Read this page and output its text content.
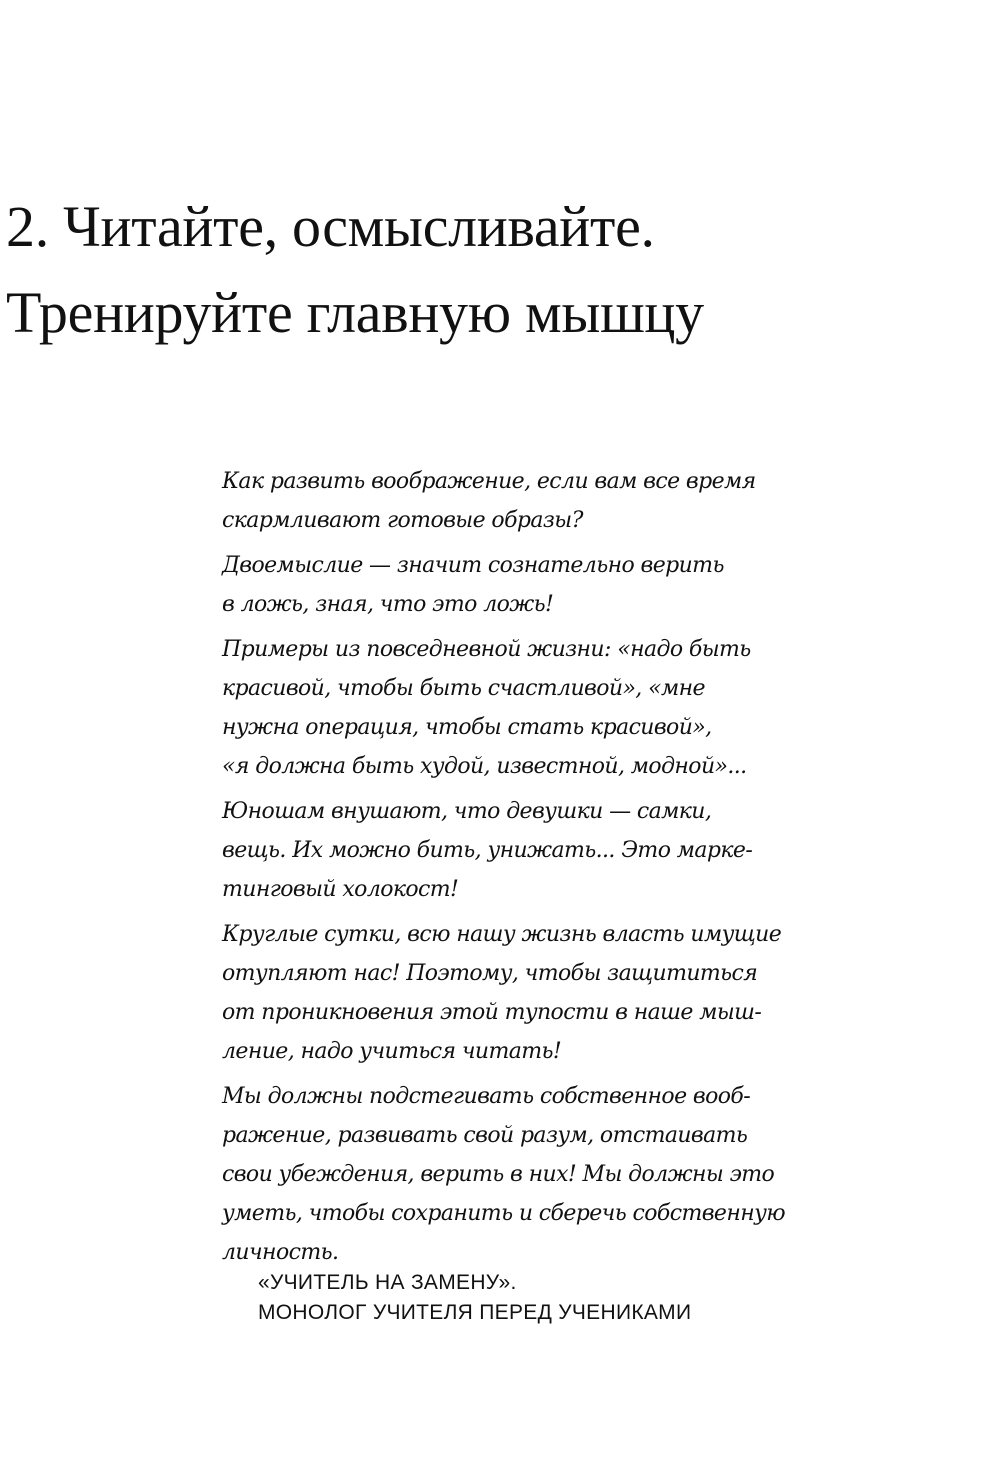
2. Читайте, осмысливайте.
Тренируйте главную мышцу

Как развить воображение, если вам все время
скармливают готовые образы?

Двоемыслие — значит сознательно верить
в ложь, зная, что это ложь!

Примеры из повседневной жизни: «надо быть
красивой, чтобы быть счастливой», «мне
нужна операция, чтобы стать красивой»,
«я должна быть худой, известной, модной»...

Юношам внушают, что девушки — самки,
вещь. Их можно бить, унижать... Это марке-
тинговый холокост!

Круглые сутки, всю нашу жизнь власть имущие
отупляют нас! Поэтому, чтобы защититься
от проникновения этой тупости в наше мыш-
ление, надо учиться читать!

Мы должны подстегивать собственное вооб-
ражение, развивать свой разум, отстаивать
свои убеждения, верить в них! Мы должны это
уметь, чтобы сохранить и сберечь собственную
личность.

«УЧИТЕЛЬ НА ЗАМЕНУ».
МОНОЛОГ УЧИТЕЛЯ ПЕРЕД УЧЕНИКАМИ
